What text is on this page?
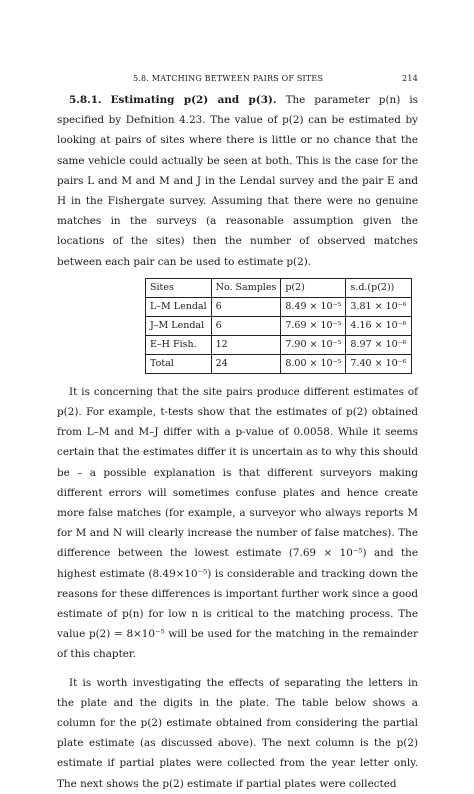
5.8. MATCHING BETWEEN PAIRS OF SITES	214

5.8.1. Estimating p(2) and p(3). The parameter p(n) is specified by Defnition 4.23. The value of p(2) can be estimated by looking at pairs of sites where there is little or no chance that the same vehicle could actually be seen at both. This is the case for the pairs L and M and M and J in the Lendal survey and the pair E and H in the Fishergate survey. Assuming that there were no genuine matches in the surveys (a reasonable assumption given the locations of the sites) then the number of observed matches between each pair can be used to estimate p(2).

Sites	No. Samples	p(2)	s.d.(p(2))
L–M Lendal	6	8.49 × 10⁻⁵	3.81 × 10⁻⁶
J–M Lendal	6	7.69 × 10⁻⁵	4.16 × 10⁻⁶
E–H Fish.	12	7.90 × 10⁻⁵	8.97 × 10⁻⁶
Total	24	8.00 × 10⁻⁵	7.40 × 10⁻⁶

It is concerning that the site pairs produce different estimates of p(2). For example, t-tests show that the estimates of p(2) obtained from L–M and M–J differ with a p-value of 0.0058. While it seems certain that the estimates differ it is uncertain as to why this should be – a possible explanation is that different surveyors making different errors will sometimes confuse plates and hence create more false matches (for example, a surveyor who always reports M for M and N will clearly increase the number of false matches). The difference between the lowest estimate (7.69 × 10⁻⁵) and the highest estimate (8.49×10⁻⁵) is considerable and tracking down the reasons for these differences is important further work since a good estimate of p(n) for low n is critical to the matching process. The value p(2) = 8×10⁻⁵ will be used for the matching in the remainder of this chapter.

It is worth investigating the effects of separating the letters in the plate and the digits in the plate. The table below shows a column for the p(2) estimate obtained from considering the partial plate estimate (as discussed above). The next column is the p(2) estimate if partial plates were collected from the year letter only. The next shows the p(2) estimate if partial plates were collected
